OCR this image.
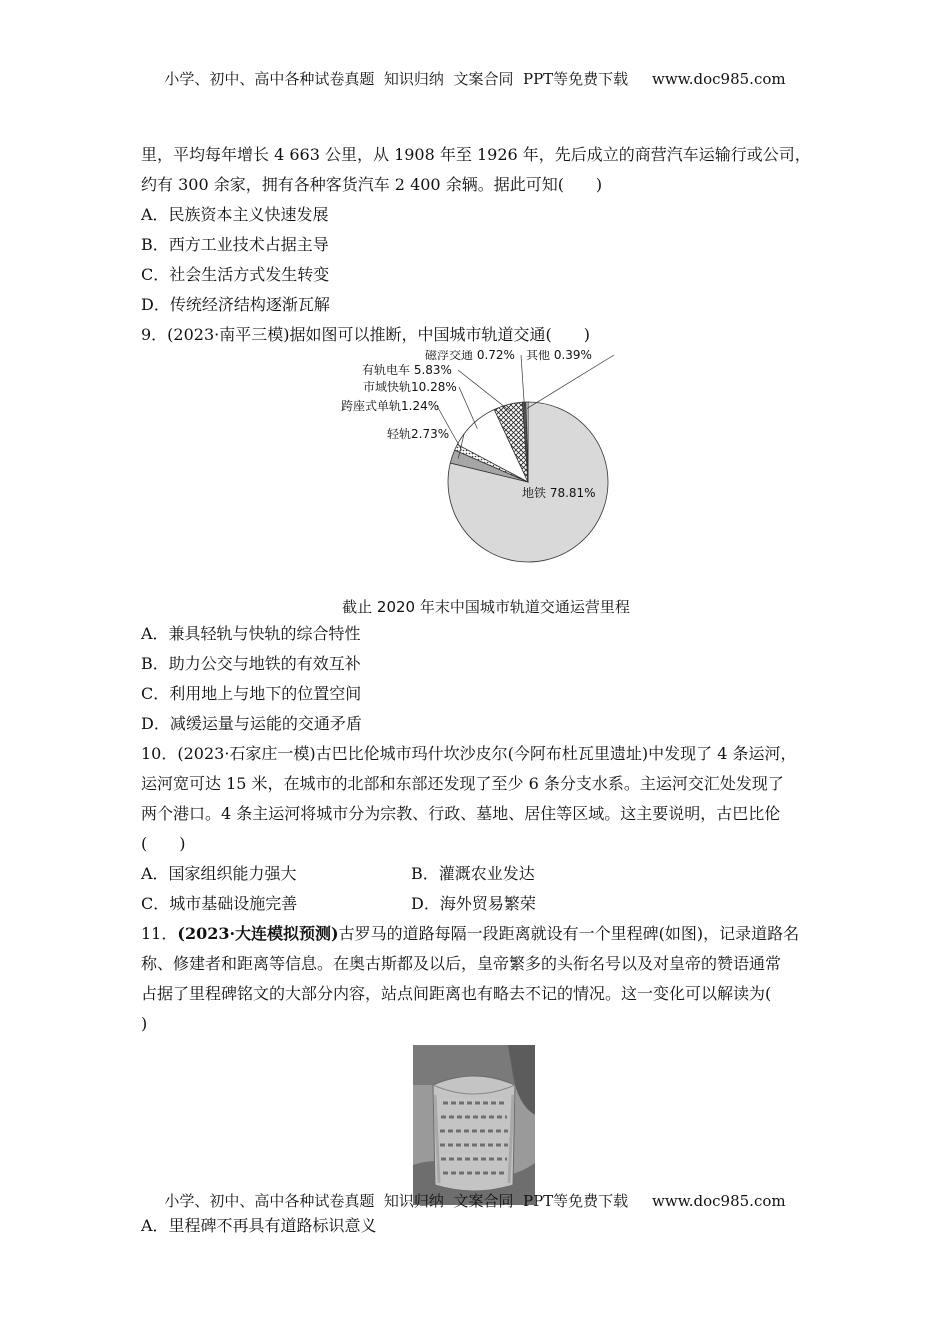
小学、初中、高中各种试卷真题  知识归纳  文案合同  PPT等免费下载     www.doc985.com

里，平均每年增长 4 663 公里，从 1908 年至 1926 年，先后成立的商营汽车运输行或公司，

约有 300 余家，拥有各种客货汽车 2 400 余辆。据此可知(　　)

A．民族资本主义快速发展

B．西方工业技术占据主导

C．社会生活方式发生转变

D．传统经济结构逐渐瓦解

9．(2023·南平三模)据如图可以推断，中国城市轨道交通(　　)

地铁 78.81%
轻轨2.73%
跨座式单轨1.24%
市域快轨10.28%
有轨电车 5.83%
磁浮交通 0.72% 其他 0.39%
截止 2020 年末中国城市轨道交通运营里程

A．兼具轻轨与快轨的综合特性

B．助力公交与地铁的有效互补

C．利用地上与地下的位置空间

D．减缓运量与运能的交通矛盾

10．(2023·石家庄一模)古巴比伦城市玛什坎沙皮尔(今阿布杜瓦里遗址)中发现了 4 条运河，

运河宽可达 15 米，在城市的北部和东部还发现了至少 6 条分支水系。主运河交汇处发现了

两个港口。4 条主运河将城市分为宗教、行政、墓地、居住等区域。这主要说明，古巴比伦

(　　)

A．国家组织能力强大	B．灌溉农业发达
C．城市基础设施完善	D．海外贸易繁荣

11．(2023·大连模拟预测)古罗马的道路每隔一段距离就设有一个里程碑(如图)，记录道路名

称、修建者和距离等信息。在奥古斯都及以后，皇帝繁多的头衔名号以及对皇帝的赞语通常

占据了里程碑铭文的大部分内容，站点间距离也有略去不记的情况。这一变化可以解读为(

)

A．里程碑不再具有道路标识意义

小学、初中、高中各种试卷真题  知识归纳  文案合同  PPT等免费下载     www.doc985.com
